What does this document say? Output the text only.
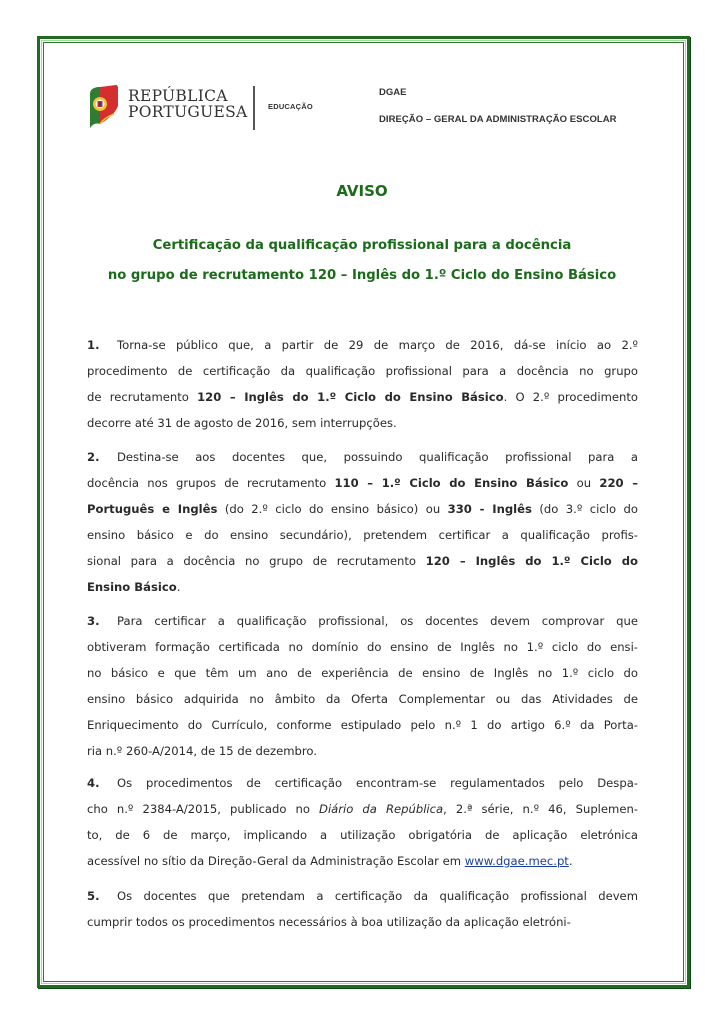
REPÚBLICA
PORTUGUESA	EDUCAÇÃO
DGAE
DIREÇÃO – GERAL DA ADMINISTRAÇÃO ESCOLAR
AVISO
Certificação da qualificação profissional para a docência
no grupo de recrutamento 120 – Inglês do 1.º Ciclo do Ensino Básico
1. Torna-se público que, a partir de 29 de março de 2016, dá-se início ao 2.º
procedimento de certificação da qualificação profissional para a docência no grupo
de recrutamento 120 – Inglês do 1.º Ciclo do Ensino Básico. O 2.º procedimento
decorre até 31 de agosto de 2016, sem interrupções.
2. Destina-se aos docentes que, possuindo qualificação profissional para a
docência nos grupos de recrutamento 110 – 1.º Ciclo do Ensino Básico ou 220 –
Português e Inglês (do 2.º ciclo do ensino básico) ou 330 - Inglês (do 3.º ciclo do
ensino básico e do ensino secundário), pretendem certificar a qualificação profis-
sional para a docência no grupo de recrutamento 120 – Inglês do 1.º Ciclo do
Ensino Básico.
3. Para certificar a qualificação profissional, os docentes devem comprovar que
obtiveram formação certificada no domínio do ensino de Inglês no 1.º ciclo do ensi-
no básico e que têm um ano de experiência de ensino de Inglês no 1.º ciclo do
ensino básico adquirida no âmbito da Oferta Complementar ou das Atividades de
Enriquecimento do Currículo, conforme estipulado pelo n.º 1 do artigo 6.º da Porta-
ria n.º 260-A/2014, de 15 de dezembro.
4. Os procedimentos de certificação encontram-se regulamentados pelo Despa-
cho n.º 2384-A/2015, publicado no Diário da República, 2.ª série, n.º 46, Suplemen-
to, de 6 de março, implicando a utilização obrigatória de aplicação eletrónica
acessível no sítio da Direção-Geral da Administração Escolar em www.dgae.mec.pt.
5. Os docentes que pretendam a certificação da qualificação profissional devem
cumprir todos os procedimentos necessários à boa utilização da aplicação eletróni-
